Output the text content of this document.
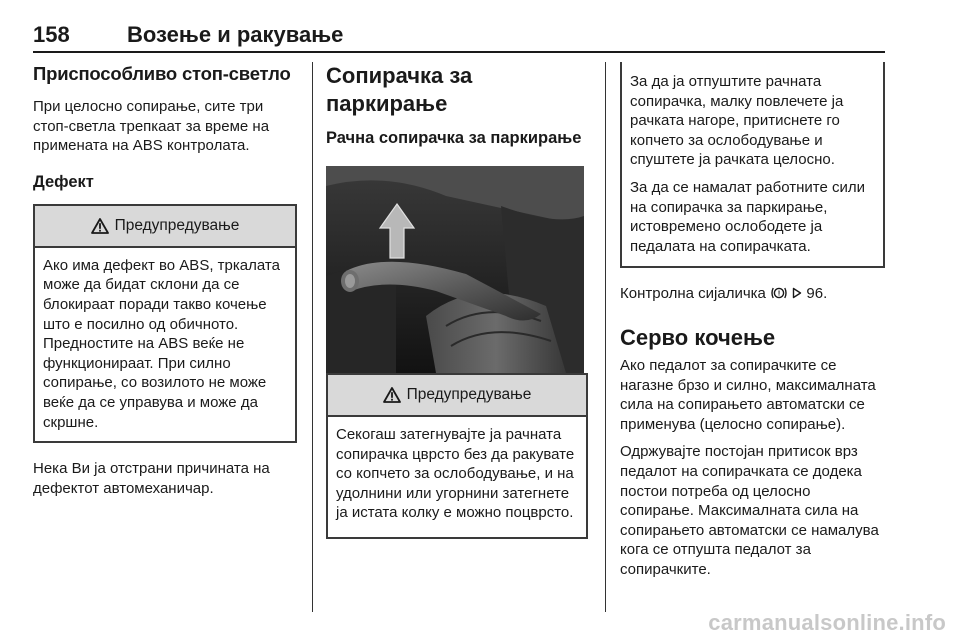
158	Возење и ракување
Приспособливо стоп-светло

При целосно сопирање, сите три стоп-светла трепкаат за време на примената на ABS контролата.

Дефект
Предупредување

Ако има дефект во ABS, тркалата може да бидат склони да се блокираат поради такво кочење што е посилно од обичното. Предностите на ABS веќе не функционираат. При силно сопирање, со возилото не може веќе да се управува и може да скршне.

Нека Ви ја отстрани причината на дефектот автомеханичар.

Сопирачка за паркирање
Рачна сопирачка за паркирање
Предупредување

Секогаш затегнувајте ја рачната сопирачка цврсто без да ракувате со копчето за ослободување, и на удолнини или угорнини затегнете ја истата колку е можно поцврсто.

За да ја отпуштите рачната сопирачка, малку повлечете ја рачката нагоре, притиснете го копчето за ослободување и спуштете ја рачката целосно.

За да се намалат работните сили на сопирачка за паркирање, истовремено ослободете ја педалата на сопирачката.

Контролна сијаличка ! 96.

Серво кочење

Ако педалот за сопирачките се нагазне брзо и силно, максималната сила на сопирањето автоматски се применува (целосно сопирање).

Одржувајте постојан притисок врз педалот на сопирачката се додека постои потреба од целосно сопирање. Максималната сила на сопирањето автоматски се намалува кога се отпушта педалот за сопирачките.

carmanualsonline.info
